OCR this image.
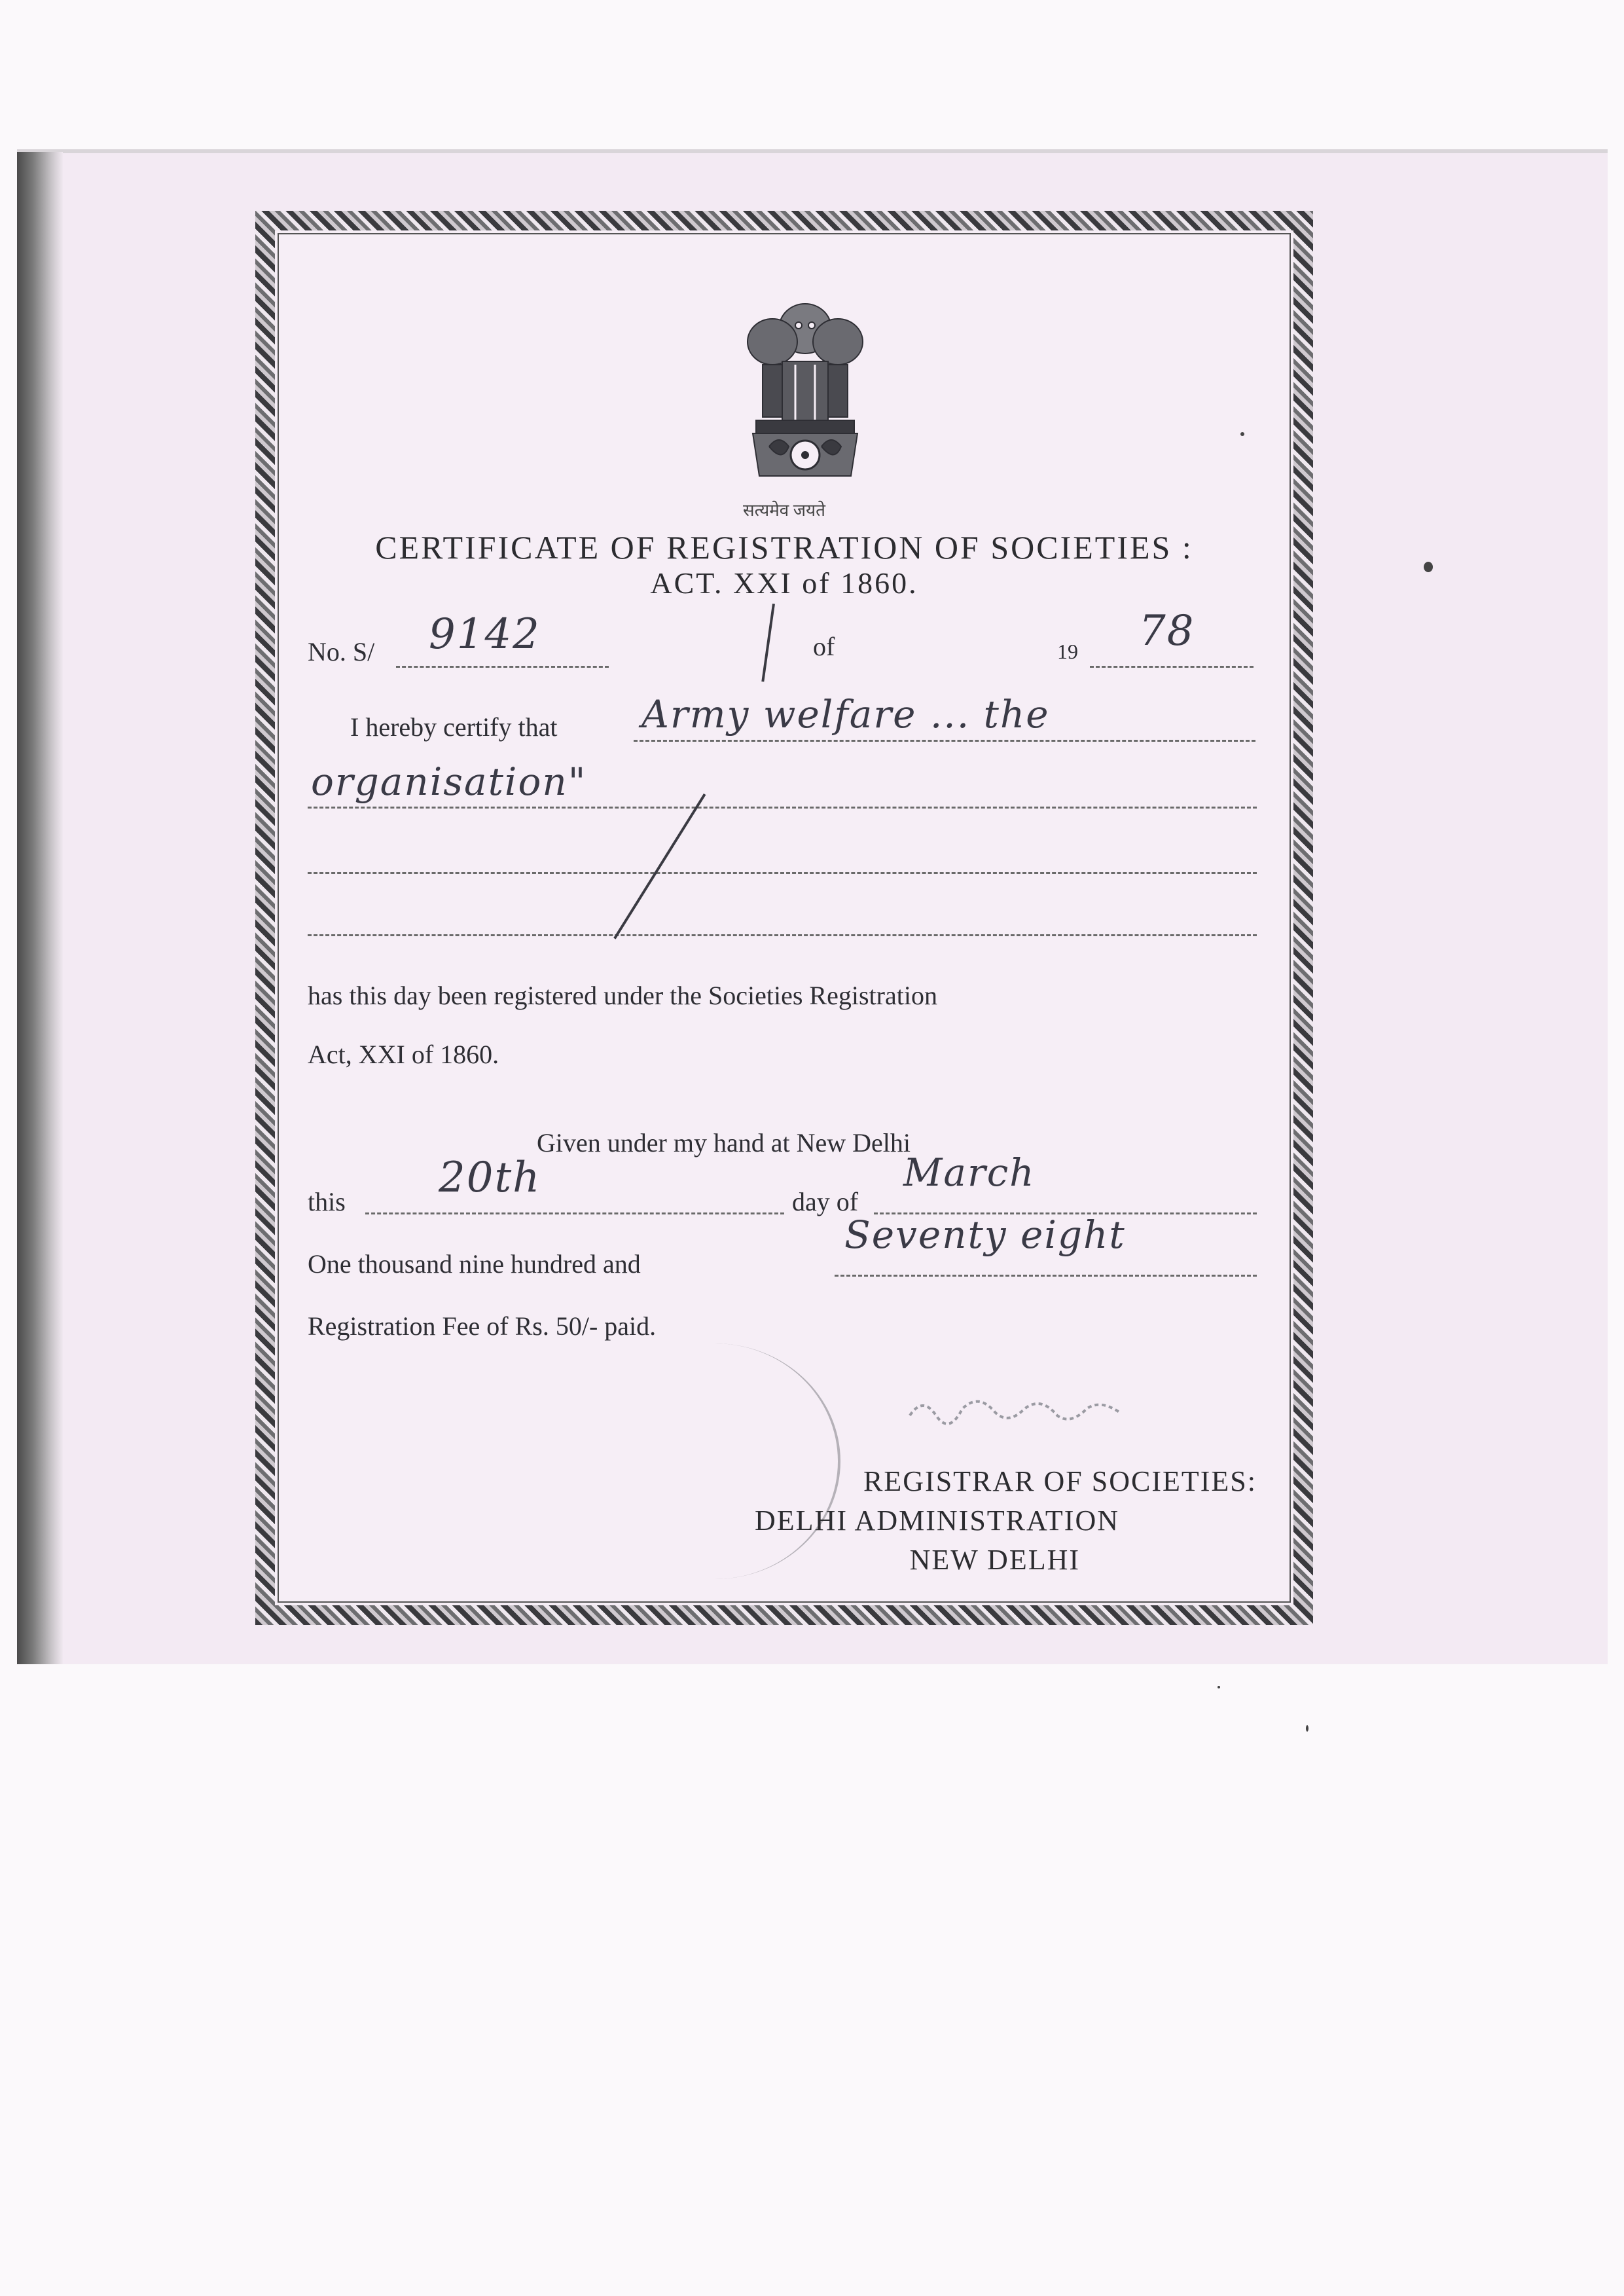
सत्यमेव जयते
CERTIFICATE OF REGISTRATION OF SOCIETIES :
ACT. XXI of 1860.
No. S/ 9142	of	19 78
I hereby certify that Army welfare ... the
organisation"
has this day been registered under the Societies Registration
Act, XXI of 1860.
Given under my hand at New Delhi
this 20th	day of
March
One thousand nine hundred and
Seventy eight
Registration Fee of Rs. 50/- paid.
REGISTRAR OF SOCIETIES:
DELHI ADMINISTRATION
NEW DELHI
